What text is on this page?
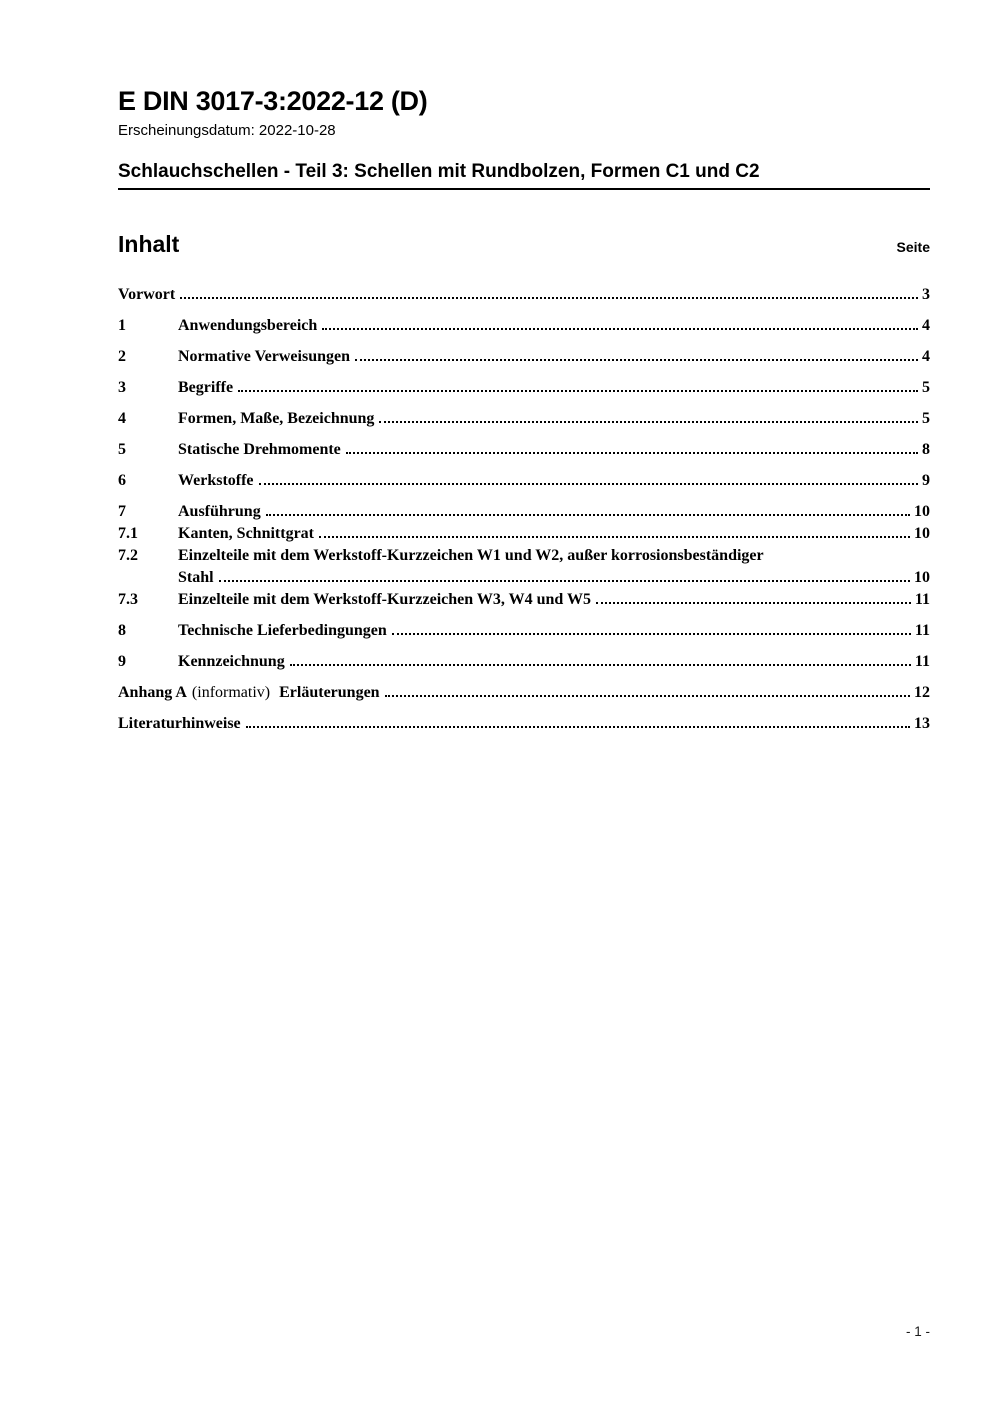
E DIN 3017-3:2022-12 (D)
Erscheinungsdatum: 2022-10-28
Schlauchschellen - Teil 3: Schellen mit Rundbolzen, Formen C1 und C2
Inhalt	Seite
Vorwort	3
1	Anwendungsbereich	4
2	Normative Verweisungen	4
3	Begriffe	5
4	Formen, Maße, Bezeichnung	5
5	Statische Drehmomente	8
6	Werkstoffe	9
7	Ausführung	10
7.1	Kanten, Schnittgrat	10
7.2	Einzelteile mit dem Werkstoff-Kurzzeichen W1 und W2, außer korrosionsbeständiger
Stahl	10
7.3	Einzelteile mit dem Werkstoff-Kurzzeichen W3, W4 und W5	11
8	Technische Lieferbedingungen	11
9	Kennzeichnung	11
Anhang A (informativ) Erläuterungen	12
Literaturhinweise	13
- 1 -
